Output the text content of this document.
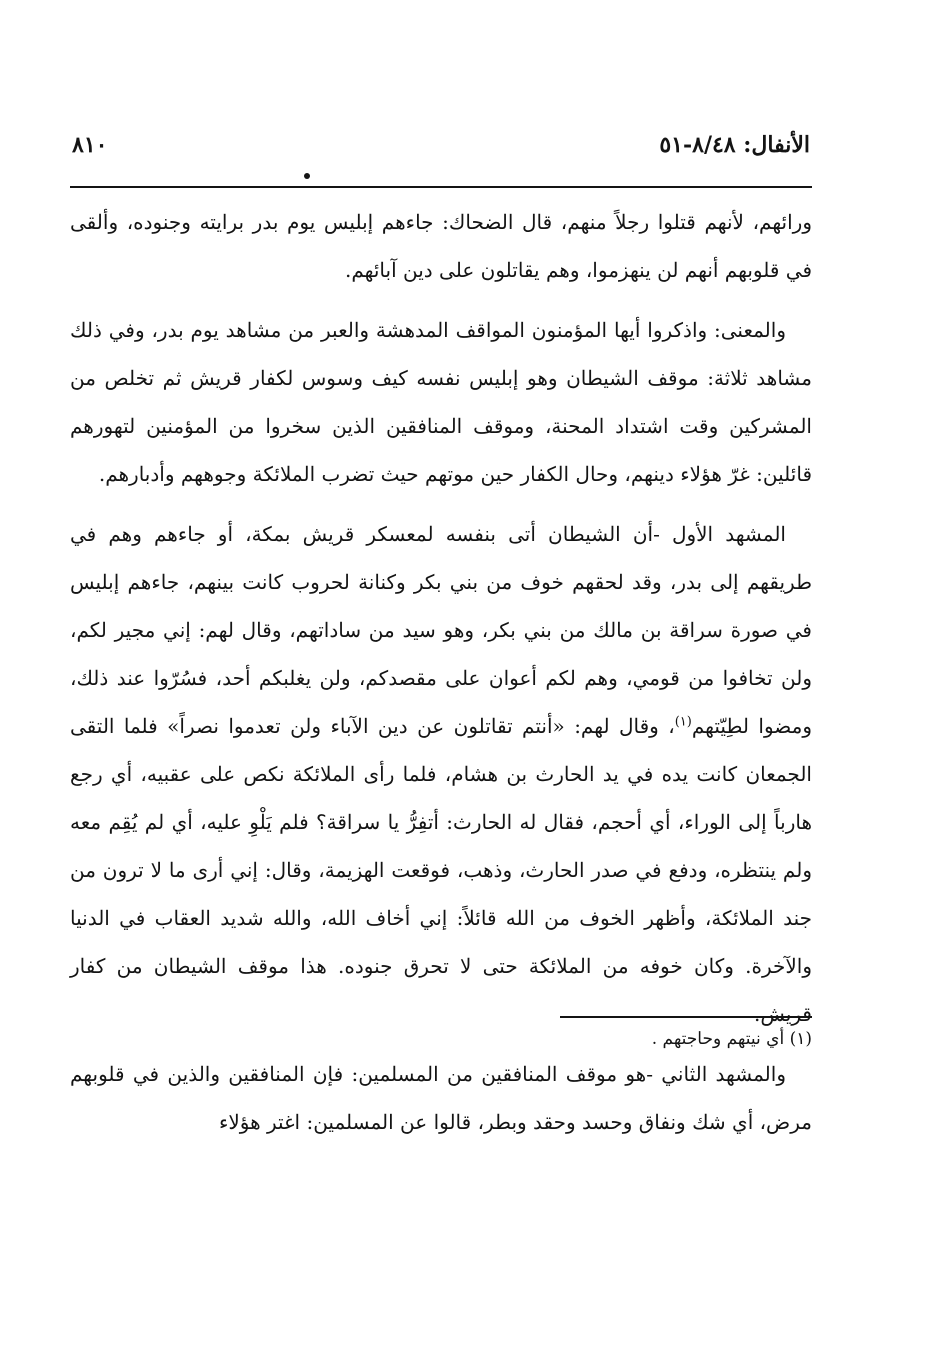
الأنفال: ٨/٤٨-٥١
٨١٠

ورائهم، لأنهم قتلوا رجلاً منهم، قال الضحاك: جاءهم إبليس يوم بدر برايته وجنوده، وألقى في قلوبهم أنهم لن ينهزموا، وهم يقاتلون على دين آبائهم.

والمعنى: واذكروا أيها المؤمنون المواقف المدهشة والعبر من مشاهد يوم بدر، وفي ذلك مشاهد ثلاثة: موقف الشيطان وهو إبليس نفسه كيف وسوس لكفار قريش ثم تخلص من المشركين وقت اشتداد المحنة، وموقف المنافقين الذين سخروا من المؤمنين لتهورهم قائلين: غرّ هؤلاء دينهم، وحال الكفار حين موتهم حيث تضرب الملائكة وجوههم وأدبارهم.

المشهد الأول -أن الشيطان أتى بنفسه لمعسكر قريش بمكة، أو جاءهم وهم في طريقهم إلى بدر، وقد لحقهم خوف من بني بكر وكنانة لحروب كانت بينهم، جاءهم إبليس في صورة سراقة بن مالك من بني بكر، وهو سيد من ساداتهم، وقال لهم: إني مجير لكم، ولن تخافوا من قومي، وهم لكم أعوان على مقصدكم، ولن يغلبكم أحد، فسُرّوا عند ذلك، ومضوا لطِيّتهم$^{(١)}$، وقال لهم: «أنتم تقاتلون عن دين الآباء ولن تعدموا نصراً» فلما التقى الجمعان كانت يده في يد الحارث بن هشام، فلما رأى الملائكة نكص على عقبيه، أي رجع هارباً إلى الوراء، أي أحجم، فقال له الحارث: أتفِرُّ يا سراقة؟ فلم يَلْوِ عليه، أي لم يُقِم معه ولم ينتظره، ودفع في صدر الحارث، وذهب، فوقعت الهزيمة، وقال: إني أرى ما لا ترون من جند الملائكة، وأظهر الخوف من الله قائلاً: إني أخاف الله، والله شديد العقاب في الدنيا والآخرة. وكان خوفه من الملائكة حتى لا تحرق جنوده. هذا موقف الشيطان من كفار قريش.

والمشهد الثاني -هو موقف المنافقين من المسلمين: فإن المنافقين والذين في قلوبهم مرض، أي شك ونفاق وحسد وحقد وبطر، قالوا عن المسلمين: اغتر هؤلاء

(١) أي نيتهم وحاجتهم .
